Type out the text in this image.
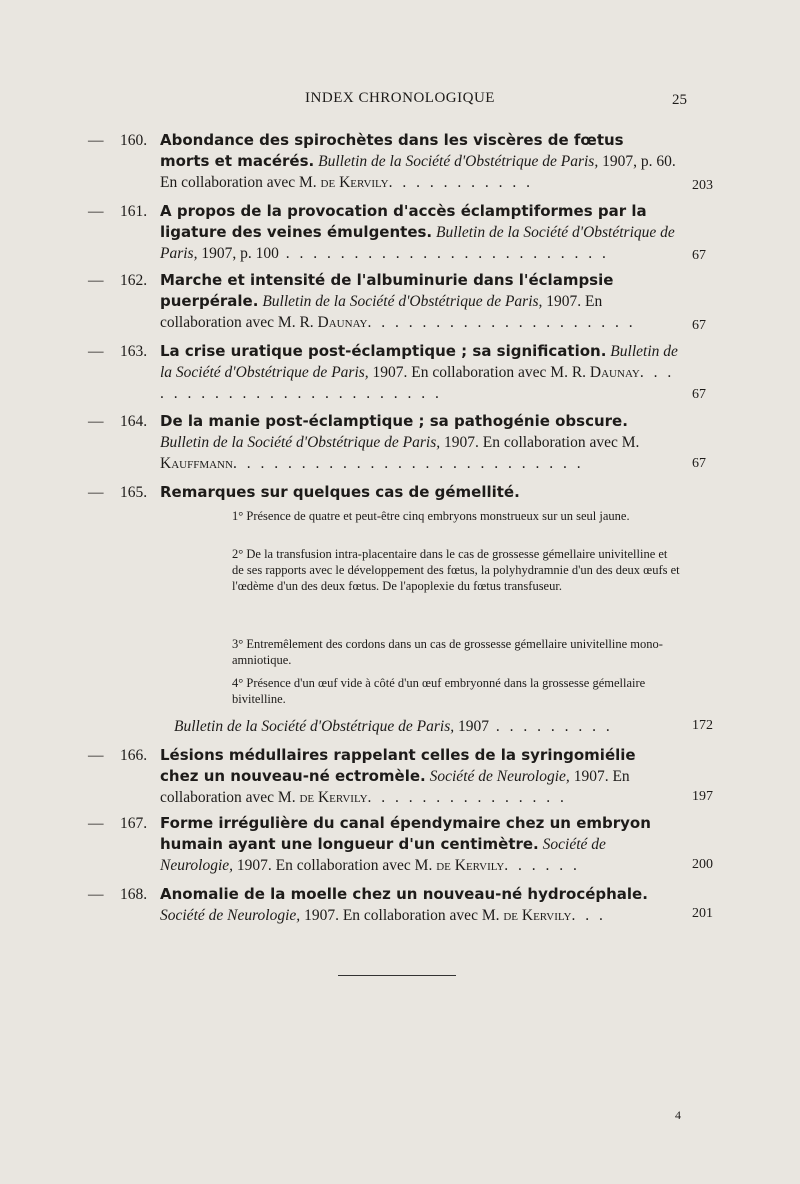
INDEX CHRONOLOGIQUE	25
— 160. Abondance des spirochètes dans les viscères de fœtus morts et macérés. Bulletin de la Société d'Obstétrique de Paris, 1907, p. 60. En collaboration avec M. de Kervily. . . . . . . . . . .	203
— 161. A propos de la provocation d'accès éclamptiformes par la ligature des veines émulgentes. Bulletin de la Société d'Obstétrique de Paris, 1907, p. 100 . . . . . . . . . . . . . . . . . . . . . . . .	67
— 162. Marche et intensité de l'albuminurie dans l'éclampsie puerpérale. Bulletin de la Société d'Obstétrique de Paris, 1907. En collaboration avec M. R. Daunay. . . . . . . . . . . . . . . . . . . .	67
— 163. La crise uratique post-éclamptique ; sa signification. Bulletin de la Société d'Obstétrique de Paris, 1907. En collaboration avec M. R. Daunay. . . . . . . . . . . . . . . . . . . . . . . .	67
— 164. De la manie post-éclamptique ; sa pathogénie obscure. Bulletin de la Société d'Obstétrique de Paris, 1907. En collaboration avec M. Kauffmann. . . . . . . . . . . . . . . . . . . . . . . . . .	67
— 165. Remarques sur quelques cas de gémellité.
1° Présence de quatre et peut-être cinq embryons monstrueux sur un seul jaune.
2° De la transfusion intra-placentaire dans le cas de grossesse gémellaire univitelline et de ses rapports avec le développement des fœtus, la polyhydramnie d'un des deux œufs et l'œdème d'un des deux fœtus. De l'apoplexie du fœtus transfuseur.
3° Entremêlement des cordons dans un cas de grossesse gémellaire univitelline mono-amniotique.
4° Présence d'un œuf vide à côté d'un œuf embryonné dans la grossesse gémellaire bivitelline.
Bulletin de la Société d'Obstétrique de Paris, 1907 . . . . . . . . .	172
— 166. Lésions médullaires rappelant celles de la syringomiélie chez un nouveau-né ectromèle. Société de Neurologie, 1907. En collaboration avec M. de Kervily. . . . . . . . . . . . . . .	197
— 167. Forme irrégulière du canal épendymaire chez un embryon humain ayant une longueur d'un centimètre. Société de Neurologie, 1907. En collaboration avec M. de Kervily. . . . . .	200
— 168. Anomalie de la moelle chez un nouveau-né hydrocéphale. Société de Neurologie, 1907. En collaboration avec M. de Kervily. . .	201
4
